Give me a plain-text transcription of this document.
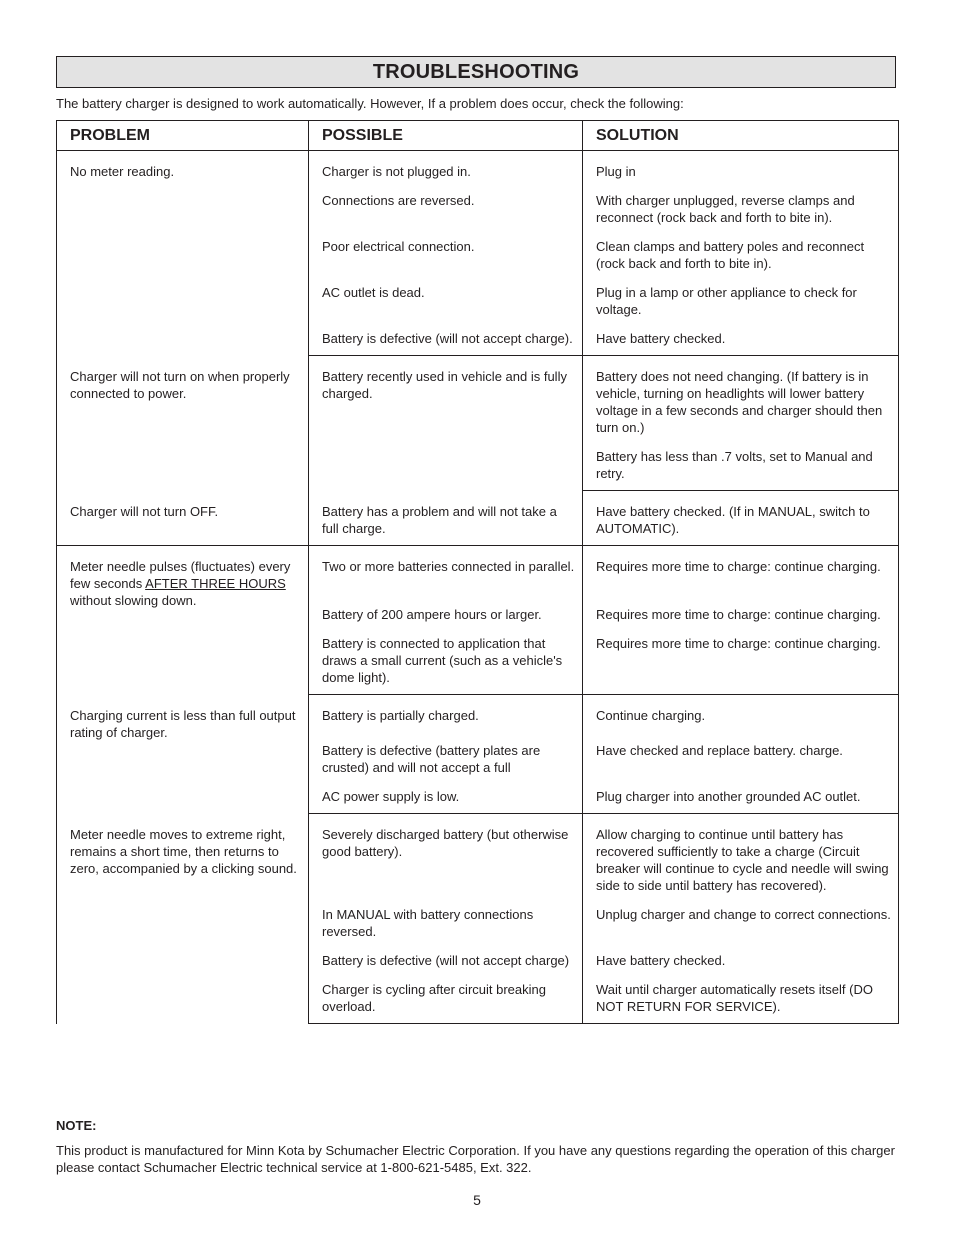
TROUBLESHOOTING
The battery charger is designed to work automatically. However, If a problem does occur, check the following:
PROBLEM	POSSIBLE	SOLUTION
No meter reading.	Charger is not plugged in.	Plug in
	Connections are reversed.	With charger unplugged, reverse clamps and reconnect (rock back and forth to bite in).
	Poor electrical connection.	Clean clamps and battery poles and reconnect (rock back and forth to bite in).
	AC outlet is dead.	Plug in a lamp or other appliance to check for voltage.
	Battery is defective (will not accept charge).	Have battery checked.
Charger will not turn on when properly connected to power.	Battery recently used in vehicle and is fully charged.	Battery does not need changing. (If battery is in vehicle, turning on headlights will lower battery voltage in a few seconds and charger should then turn on.)
		Battery has less than .7 volts, set to Manual and retry.
Charger will not turn OFF.	Battery has a problem and will not take a full charge.	Have battery checked. (If in MANUAL, switch to AUTOMATIC).
Meter needle pulses (fluctuates) every few seconds AFTER THREE HOURS without slowing down.	Two or more batteries connected in parallel.	Requires more time to charge: continue charging.
	Battery of 200 ampere hours or larger.	Requires more time to charge: continue charging.
	Battery is connected to application that draws a small current (such as a vehicle's dome light).	Requires more time to charge: continue charging.
Charging current is less than full output rating of charger.	Battery is partially charged.	Continue charging.
	Battery is defective (battery plates are crusted) and will not accept a full	Have checked and replace battery. charge.
	AC power supply is low.	Plug charger into another grounded AC outlet.
Meter needle moves to extreme right, remains a short time, then returns to zero, accompanied by a clicking sound.	Severely discharged battery (but otherwise good battery).	Allow charging to continue until battery has recovered sufficiently to take a charge (Circuit breaker will continue to cycle and needle will swing side to side until battery has recovered).
	In MANUAL with battery connections reversed.	Unplug charger and change to correct connections.
	Battery is defective (will not accept charge)	Have battery checked.
	Charger is cycling after circuit breaking overload.	Wait until charger automatically resets itself (DO NOT RETURN FOR SERVICE).
NOTE:
This product is manufactured for Minn Kota by Schumacher Electric Corporation. If you have any questions regarding the operation of this charger please contact Schumacher Electric technical service at 1-800-621-5485, Ext. 322.
5
